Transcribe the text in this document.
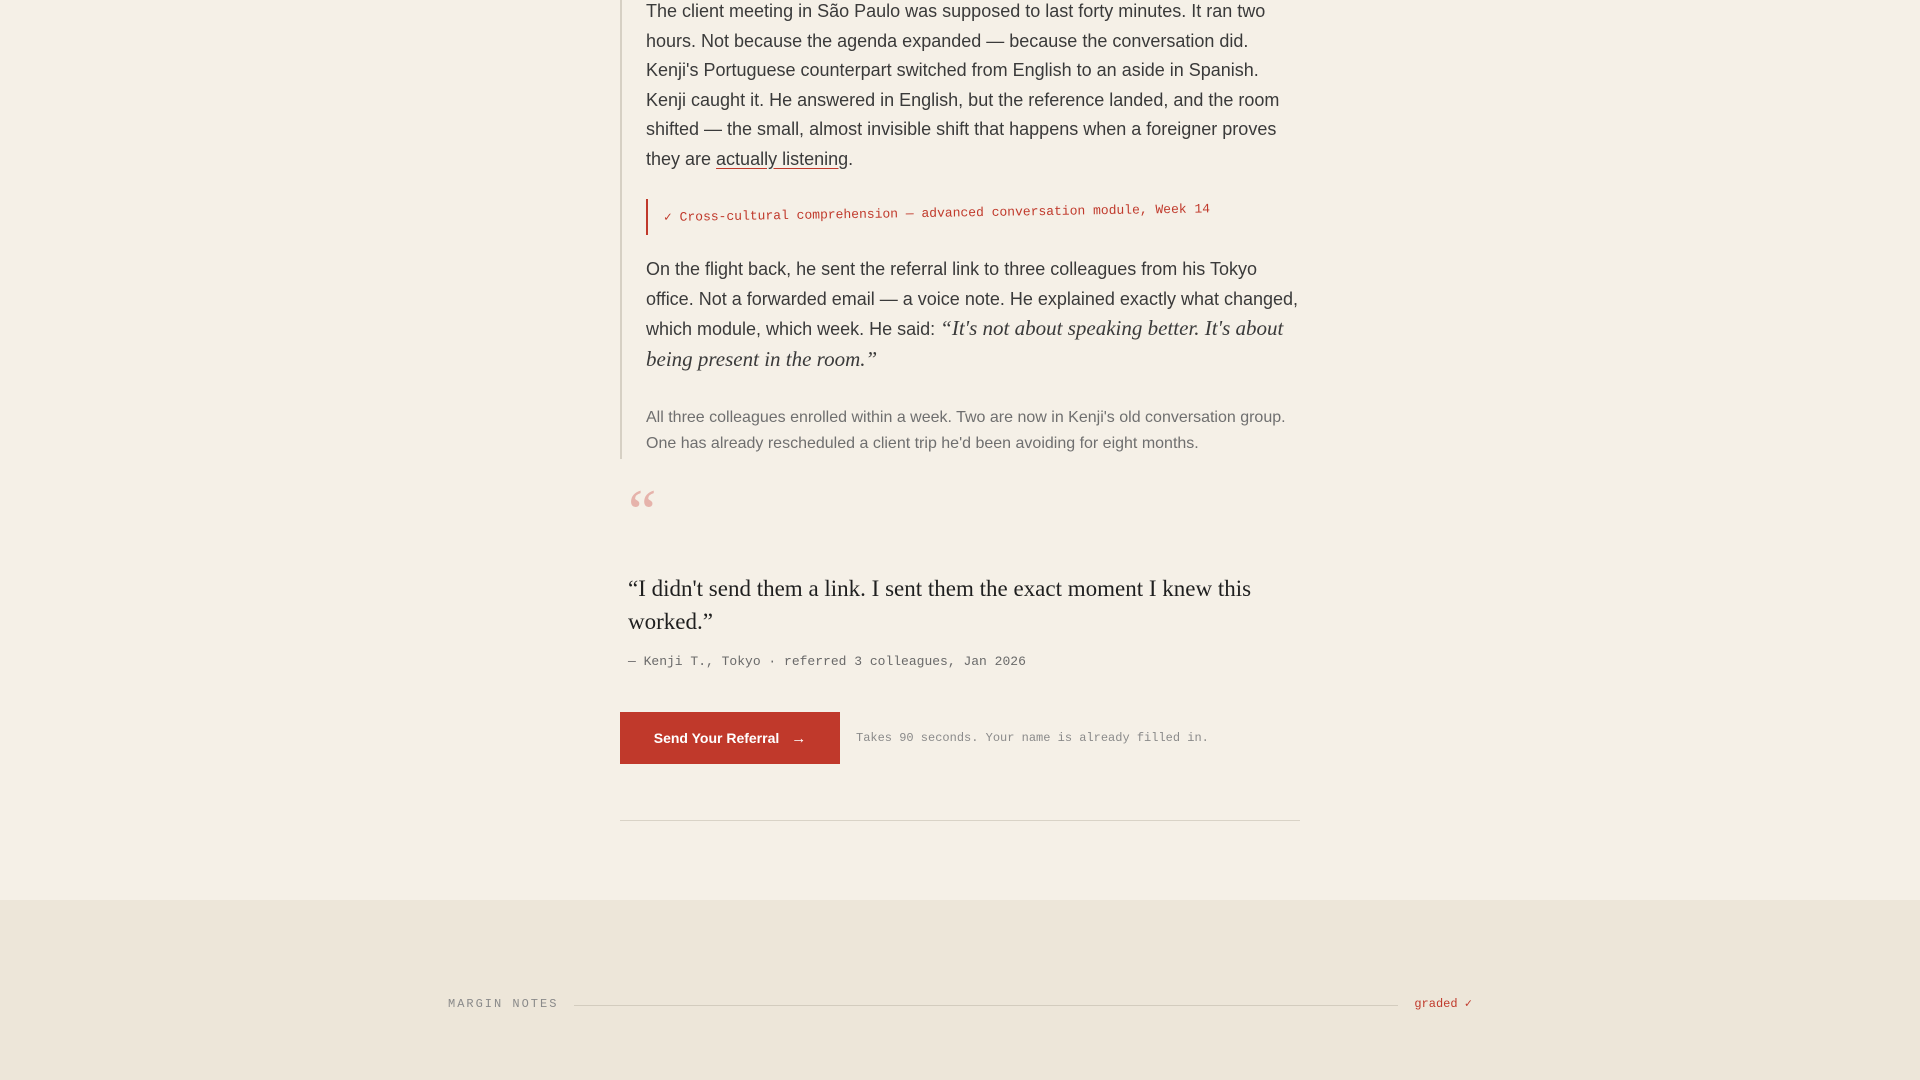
The client meeting in São Paulo was supposed to last forty minutes. It ran two hours. Not because the agenda expanded — because the conversation did. Kenji's Portuguese counterpart switched from English to an aside in Spanish. Kenji caught it. He answered in English, but the reference landed, and the room shifted — the small, almost invisible shift that happens when a foreigner proves they are actually listening.

✓ Cross-cultural comprehension — advanced conversation module, Week 14

On the flight back, he sent the referral link to three colleagues from his Tokyo office. Not a forwarded email — a voice note. He explained exactly what changed, which module, which week. He said: “It's not about speaking better. It's about being present in the room.”

All three colleagues enrolled within a week. Two are now in Kenji's old conversation group. One has already rescheduled a client trip he'd been avoiding for eight months.

“
“I didn't send them a link. I sent them the exact moment I knew this worked.”
— Kenji T., Tokyo · referred 3 colleagues, Jan 2026
Send Your Referral →	Takes 90 seconds. Your name is already filled in.
MARGIN NOTES	graded ✓
